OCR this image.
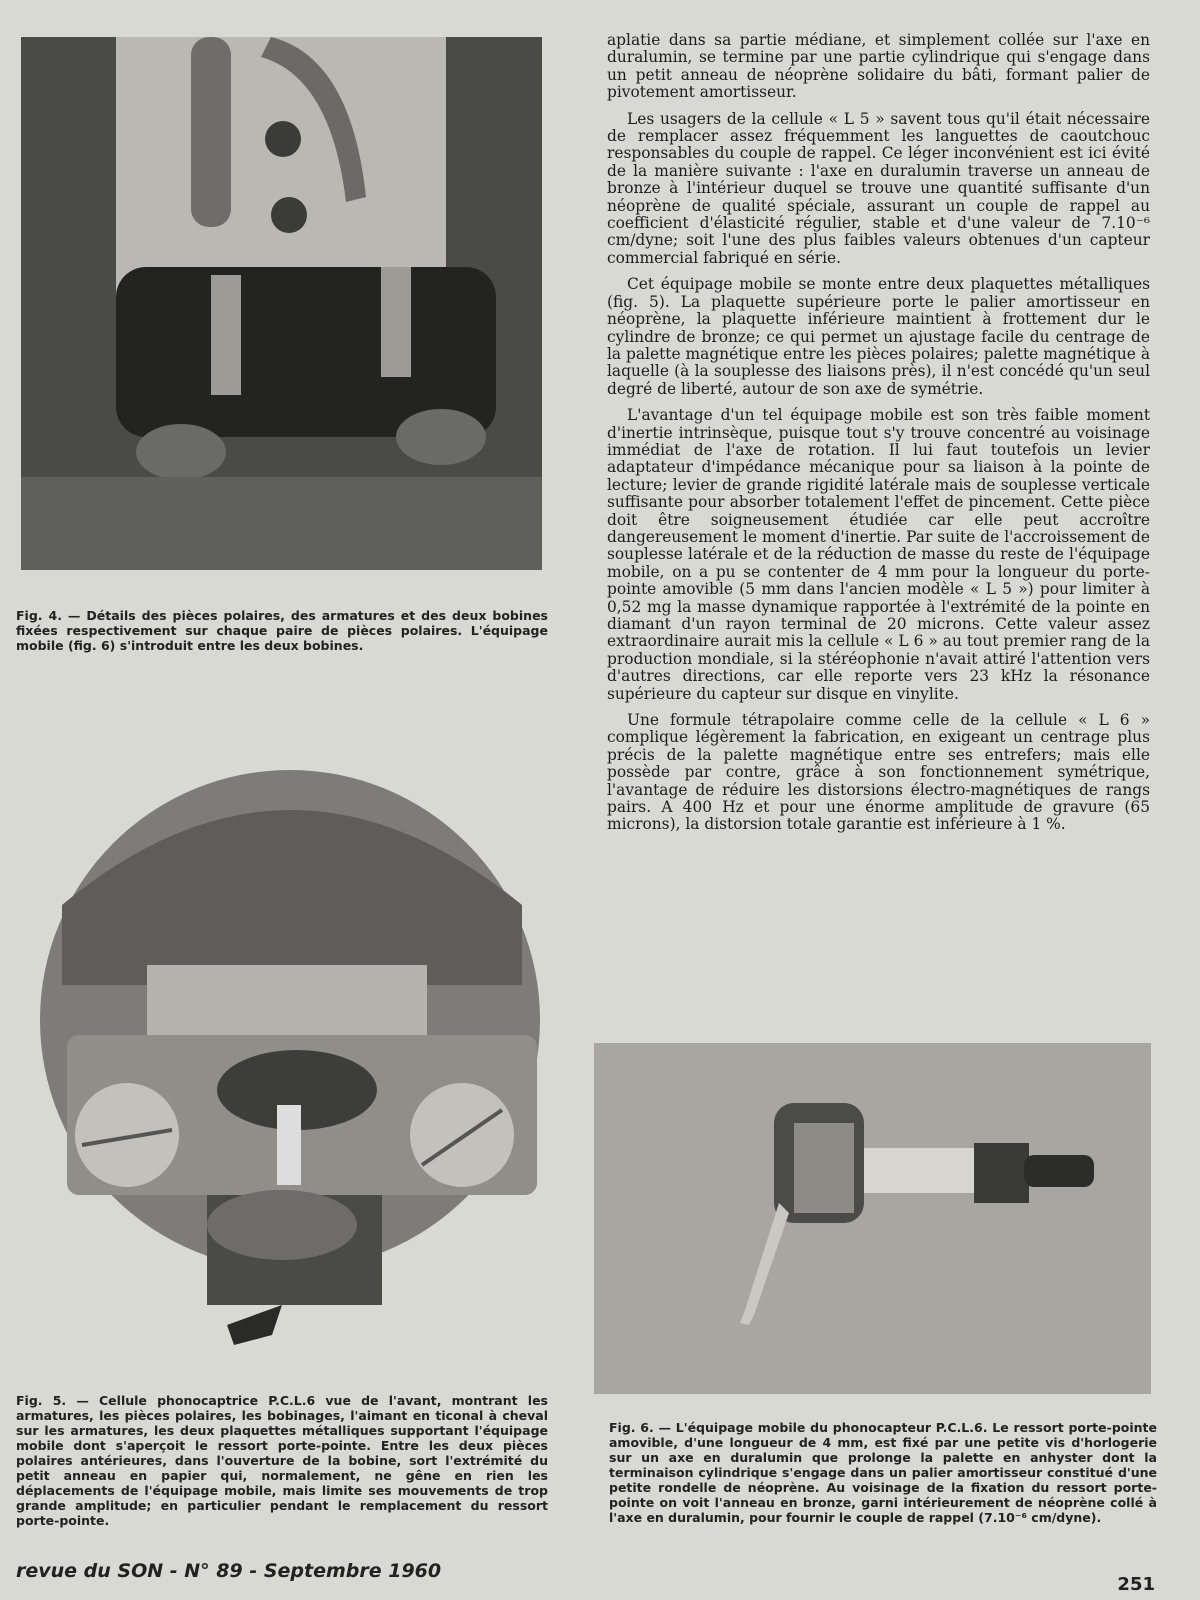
Fig. 4. — Détails des pièces polaires, des armatures et des deux bobines fixées respectivement sur chaque paire de pièces polaires. L'équipage mobile (fig. 6) s'introduit entre les deux bobines.
Fig. 5. — Cellule phonocaptrice P.C.L.6 vue de l'avant, montrant les armatures, les pièces polaires, les bobinages, l'aimant en ticonal à cheval sur les armatures, les deux plaquettes métalliques supportant l'équipage mobile dont s'aperçoit le ressort porte-pointe. Entre les deux pièces polaires antérieures, dans l'ouverture de la bobine, sort l'extrémité du petit anneau en papier qui, normalement, ne gêne en rien les déplacements de l'équipage mobile, mais limite ses mouvements de trop grande amplitude; en particulier pendant le remplacement du ressort porte-pointe.

aplatie dans sa partie médiane, et simplement collée sur l'axe en duralumin, se termine par une partie cylindrique qui s'engage dans un petit anneau de néoprène solidaire du bâti, formant palier de pivotement amortisseur.

Les usagers de la cellule « L 5 » savent tous qu'il était nécessaire de remplacer assez fréquemment les languettes de caoutchouc responsables du couple de rappel. Ce léger inconvénient est ici évité de la manière suivante : l'axe en duralumin traverse un anneau de bronze à l'intérieur duquel se trouve une quantité suffisante d'un néoprène de qualité spéciale, assurant un couple de rappel au coefficient d'élasticité régulier, stable et d'une valeur de 7.10⁻⁶ cm/dyne; soit l'une des plus faibles valeurs obtenues d'un capteur commercial fabriqué en série.

Cet équipage mobile se monte entre deux plaquettes métalliques (fig. 5). La plaquette supérieure porte le palier amortisseur en néoprène, la plaquette inférieure maintient à frottement dur le cylindre de bronze; ce qui permet un ajustage facile du centrage de la palette magnétique entre les pièces polaires; palette magnétique à laquelle (à la souplesse des liaisons près), il n'est concédé qu'un seul degré de liberté, autour de son axe de symétrie.

L'avantage d'un tel équipage mobile est son très faible moment d'inertie intrinsèque, puisque tout s'y trouve concentré au voisinage immédiat de l'axe de rotation. Il lui faut toutefois un levier adaptateur d'impédance mécanique pour sa liaison à la pointe de lecture; levier de grande rigidité latérale mais de souplesse verticale suffisante pour absorber totalement l'effet de pincement. Cette pièce doit être soigneusement étudiée car elle peut accroître dangereusement le moment d'inertie. Par suite de l'accroissement de souplesse latérale et de la réduction de masse du reste de l'équipage mobile, on a pu se contenter de 4 mm pour la longueur du porte-pointe amovible (5 mm dans l'ancien modèle « L 5 ») pour limiter à 0,52 mg la masse dynamique rapportée à l'extrémité de la pointe en diamant d'un rayon terminal de 20 microns. Cette valeur assez extraordinaire aurait mis la cellule « L 6 » au tout premier rang de la production mondiale, si la stéréophonie n'avait attiré l'attention vers d'autres directions, car elle reporte vers 23 kHz la résonance supérieure du capteur sur disque en vinylite.

Une formule tétrapolaire comme celle de la cellule « L 6 » complique légèrement la fabrication, en exigeant un centrage plus précis de la palette magnétique entre ses entrefers; mais elle possède par contre, grâce à son fonctionnement symétrique, l'avantage de réduire les distorsions électro-magnétiques de rangs pairs. A 400 Hz et pour une énorme amplitude de gravure (65 microns), la distorsion totale garantie est inférieure à 1 %.

Fig. 6. — L'équipage mobile du phonocapteur P.C.L.6. Le ressort porte-pointe amovible, d'une longueur de 4 mm, est fixé par une petite vis d'horlogerie sur un axe en duralumin que prolonge la palette en anhyster dont la terminaison cylindrique s'engage dans un palier amortisseur constitué d'une petite rondelle de néoprène. Au voisinage de la fixation du ressort porte-pointe on voit l'anneau en bronze, garni intérieurement de néoprène collé à l'axe en duralumin, pour fournir le couple de rappel (7.10⁻⁶ cm/dyne).
revue du SON - N° 89 - Septembre 1960
251
